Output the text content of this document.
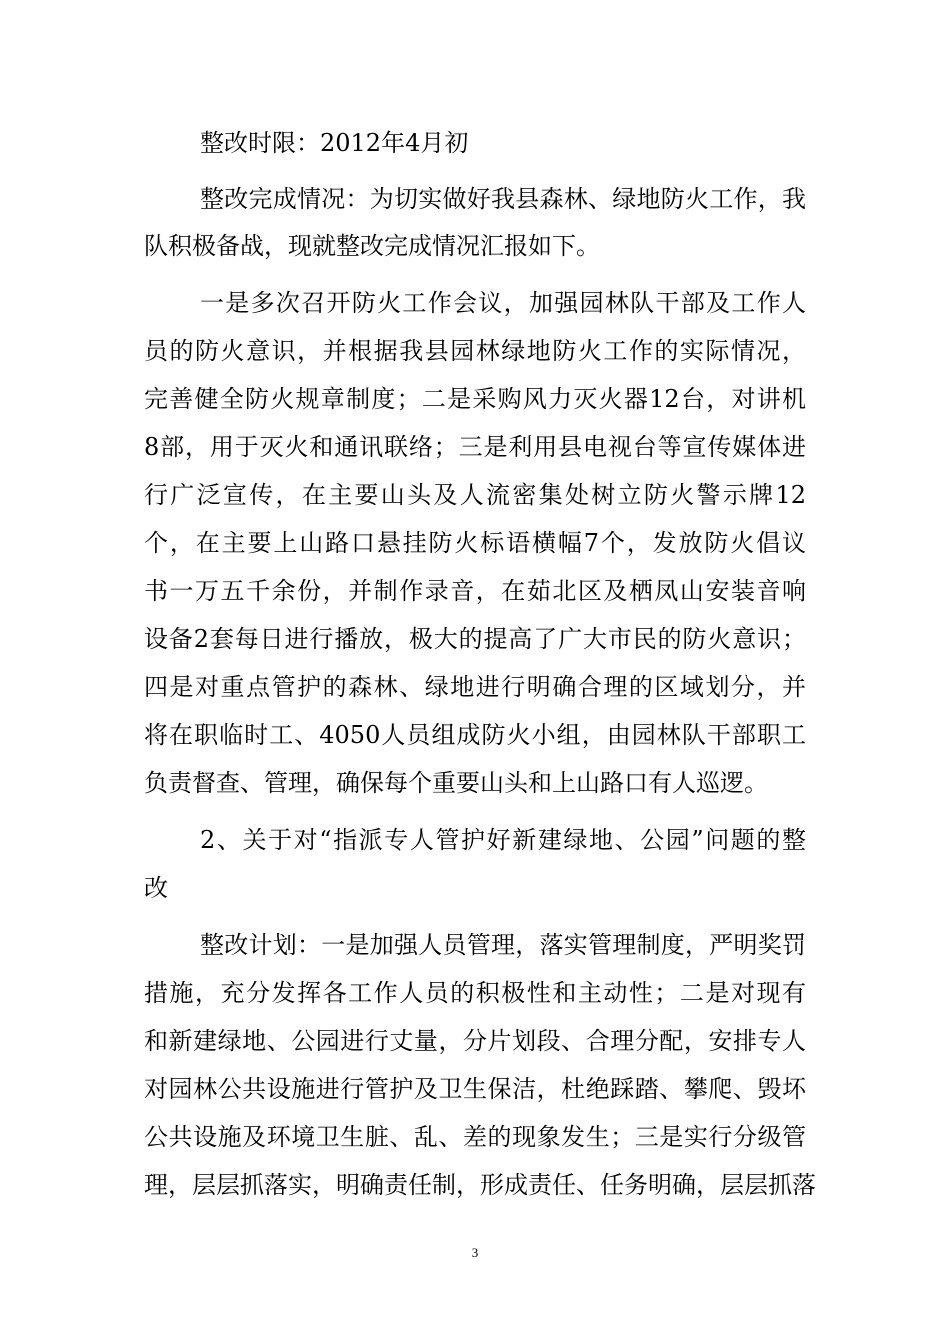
整改时限：2012年4月初
整改完成情况：为切实做好我县森林、绿地防火工作，我
队积极备战，现就整改完成情况汇报如下。
一是多次召开防火工作会议，加强园林队干部及工作人
员的防火意识，并根据我县园林绿地防火工作的实际情况，
完善健全防火规章制度；二是采购风力灭火器12台，对讲机
8部，用于灭火和通讯联络；三是利用县电视台等宣传媒体进
行广泛宣传，在主要山头及人流密集处树立防火警示牌12
个，在主要上山路口悬挂防火标语横幅7个，发放防火倡议
书一万五千余份，并制作录音，在茹北区及栖凤山安装音响
设备2套每日进行播放，极大的提高了广大市民的防火意识；
四是对重点管护的森林、绿地进行明确合理的区域划分，并
将在职临时工、4050人员组成防火小组，由园林队干部职工
负责督查、管理，确保每个重要山头和上山路口有人巡逻。
2、关于对“指派专人管护好新建绿地、公园”问题的整
改
整改计划：一是加强人员管理，落实管理制度，严明奖罚
措施，充分发挥各工作人员的积极性和主动性；二是对现有
和新建绿地、公园进行丈量，分片划段、合理分配，安排专人
对园林公共设施进行管护及卫生保洁，杜绝踩踏、攀爬、毁坏
公共设施及环境卫生脏、乱、差的现象发生；三是实行分级管
理，层层抓落实，明确责任制，形成责任、任务明确，层层抓落
3
